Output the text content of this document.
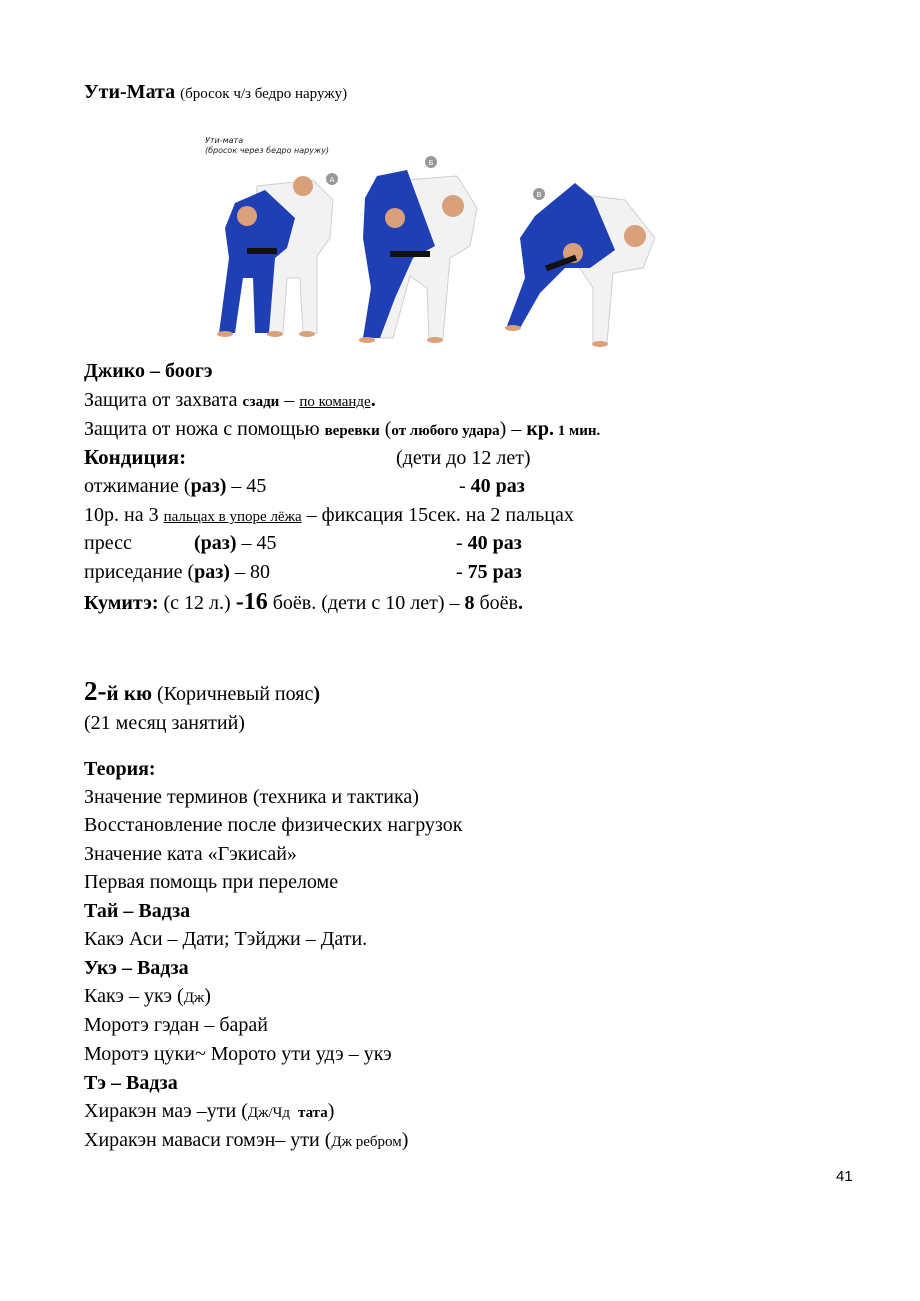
Ути-Мата (бросок ч/з бедро наружу)
Ути-мата
(бросок через бедро наружу)
А
Б
В
Джико – боогэ
Защита от захвата сзади – по команде.
Защита от ножа с помощью веревки (от любого удара) – кр. 1 мин.
Кондиция:	(дети до 12 лет)
отжимание (раз) – 45	- 40 раз
10р. на 3 пальцах в упоре лёжа – фиксация 15сек. на 2 пальцах
пресс	(раз) – 45	- 40 раз
приседание (раз) – 80	- 75 раз
Кумитэ: (с 12 л.) -16 боёв. (дети с 10 лет) – 8 боёв.
2-й кю (Коричневый пояс)
(21 месяц занятий)
Теория:
Значение терминов (техника и тактика)
Восстановление после физических нагрузок
Значение ката «Гэкисай»
Первая помощь при переломе
Тай – Вадза
Какэ Аси – Дати; Тэйджи – Дати.
Укэ – Вадза
Какэ – укэ (Дж)
Моротэ гэдан – барай
Моротэ цуки~ Морото ути удэ – укэ
Тэ – Вадза
Хиракэн маэ –ути (Дж/Чд тата)
Хиракэн маваси гомэн– ути (Дж ребром)
41
